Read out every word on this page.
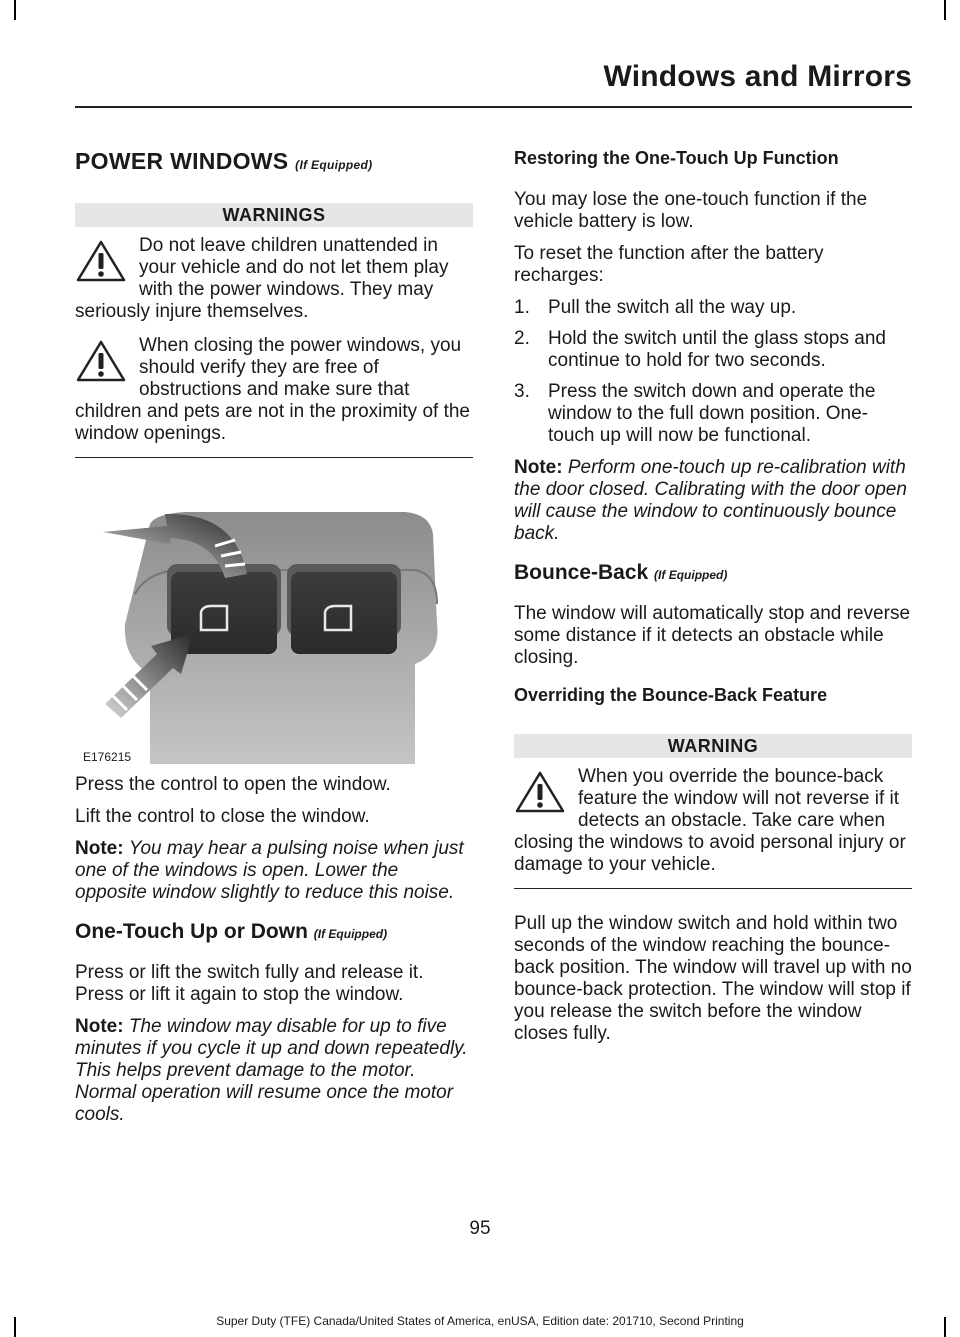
Windows and Mirrors
POWER WINDOWS (If Equipped)
WARNINGS
Do not leave children unattended in your vehicle and do not let them play with the power windows. They may seriously injure themselves.
When closing the power windows, you should verify they are free of obstructions and make sure that children and pets are not in the proximity of the window openings.
E176215

Press the control to open the window.

Lift the control to close the window.

Note: You may hear a pulsing noise when just one of the windows is open. Lower the opposite window slightly to reduce this noise.

One-Touch Up or Down (If Equipped)

Press or lift the switch fully and release it. Press or lift it again to stop the window.

Note: The window may disable for up to five minutes if you cycle it up and down repeatedly. This helps prevent damage to the motor. Normal operation will resume once the motor cools.

Restoring the One-Touch Up Function

You may lose the one-touch function if the vehicle battery is low.

To reset the function after the battery recharges:

1. Pull the switch all the way up.
2. Hold the switch until the glass stops and continue to hold for two seconds.
3. Press the switch down and operate the window to the full down position. One-touch up will now be functional.

Note: Perform one-touch up re-calibration with the door closed. Calibrating with the door open will cause the window to continuously bounce back.

Bounce-Back (If Equipped)

The window will automatically stop and reverse some distance if it detects an obstacle while closing.

Overriding the Bounce-Back Feature
WARNING
When you override the bounce-back feature the window will not reverse if it detects an obstacle. Take care when closing the windows to avoid personal injury or damage to your vehicle.

Pull up the window switch and hold within two seconds of the window reaching the bounce-back position. The window will travel up with no bounce-back protection. The window will stop if you release the switch before the window closes fully.

95
Super Duty (TFE) Canada/United States of America, enUSA, Edition date: 201710, Second Printing
